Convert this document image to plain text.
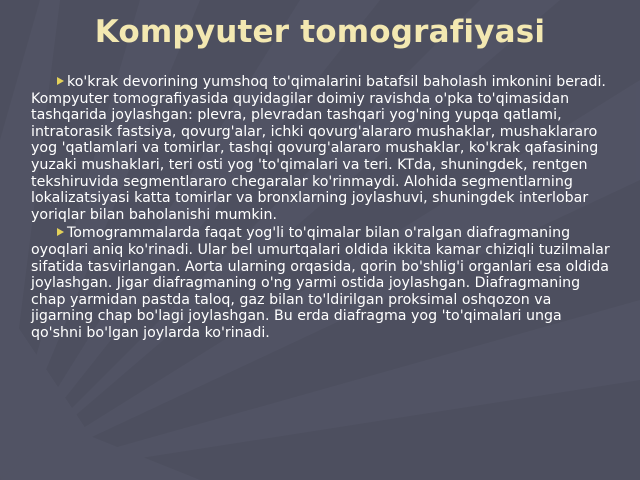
Kompyuter tomografiyasi

ko'krak devorining yumshoq to'qimalarini batafsil baholash imkonini beradi. Kompyuter tomografiyasida quyidagilar doimiy ravishda o'pka to'qimasidan tashqarida joylashgan: plevra, plevradan tashqari yog'ning yupqa qatlami, intratorasik fastsiya, qovurg'alar, ichki qovurg'alararo mushaklar, mushaklararo yog 'qatlamlari va tomirlar, tashqi qovurg'alararo mushaklar, ko'krak qafasining yuzaki mushaklari, teri osti yog 'to'qimalari va teri. KTda, shuningdek, rentgen tekshiruvida segmentlararo chegaralar ko'rinmaydi. Alohida segmentlarning lokalizatsiyasi katta tomirlar va bronxlarning joylashuvi, shuningdek interlobar yoriqlar bilan baholanishi mumkin.

Tomogrammalarda faqat yog'li to'qimalar bilan o'ralgan diafragmaning oyoqlari aniq ko'rinadi. Ular bel umurtqalari oldida ikkita kamar chiziqli tuzilmalar sifatida tasvirlangan. Aorta ularning orqasida, qorin bo'shlig'i organlari esa oldida joylashgan. Jigar diafragmaning o'ng yarmi ostida joylashgan. Diafragmaning chap yarmidan pastda taloq, gaz bilan to'ldirilgan proksimal oshqozon va jigarning chap bo'lagi joylashgan. Bu erda diafragma yog 'to'qimalari unga qo'shni bo'lgan joylarda ko'rinadi.
